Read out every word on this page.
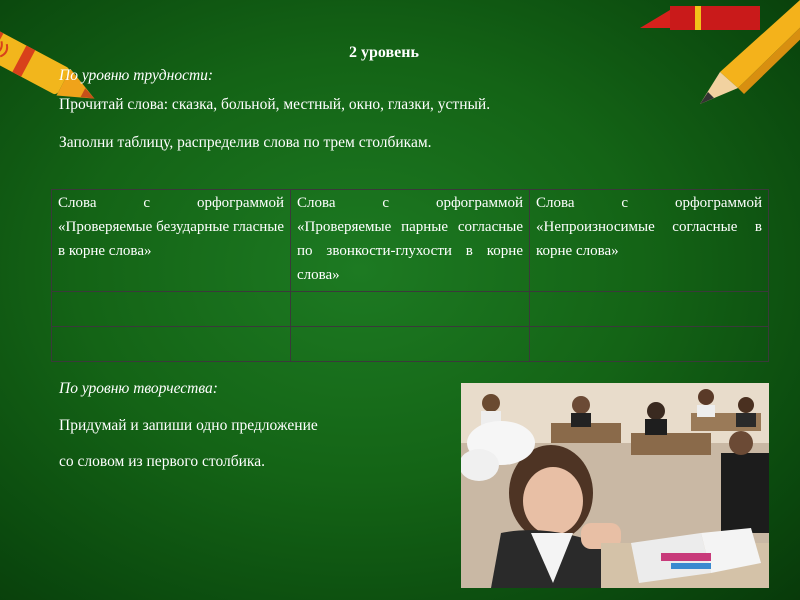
2 уровень
По уровню трудности:
Прочитай слова: сказка, больной, местный, окно, глазки, устный.
Заполни таблицу, распределив слова по трем столбикам.
Слова с орфограммой «Проверяемые безударные гласные в корне слова»	Слова с орфограммой «Проверяемые парные согласные по звонкости-глухости в корне слова»	Слова с орфограммой «Непроизносимые согласные в корне слова»

По уровню творчества:
Придумай и запиши одно предложение
со словом из первого столбика.
